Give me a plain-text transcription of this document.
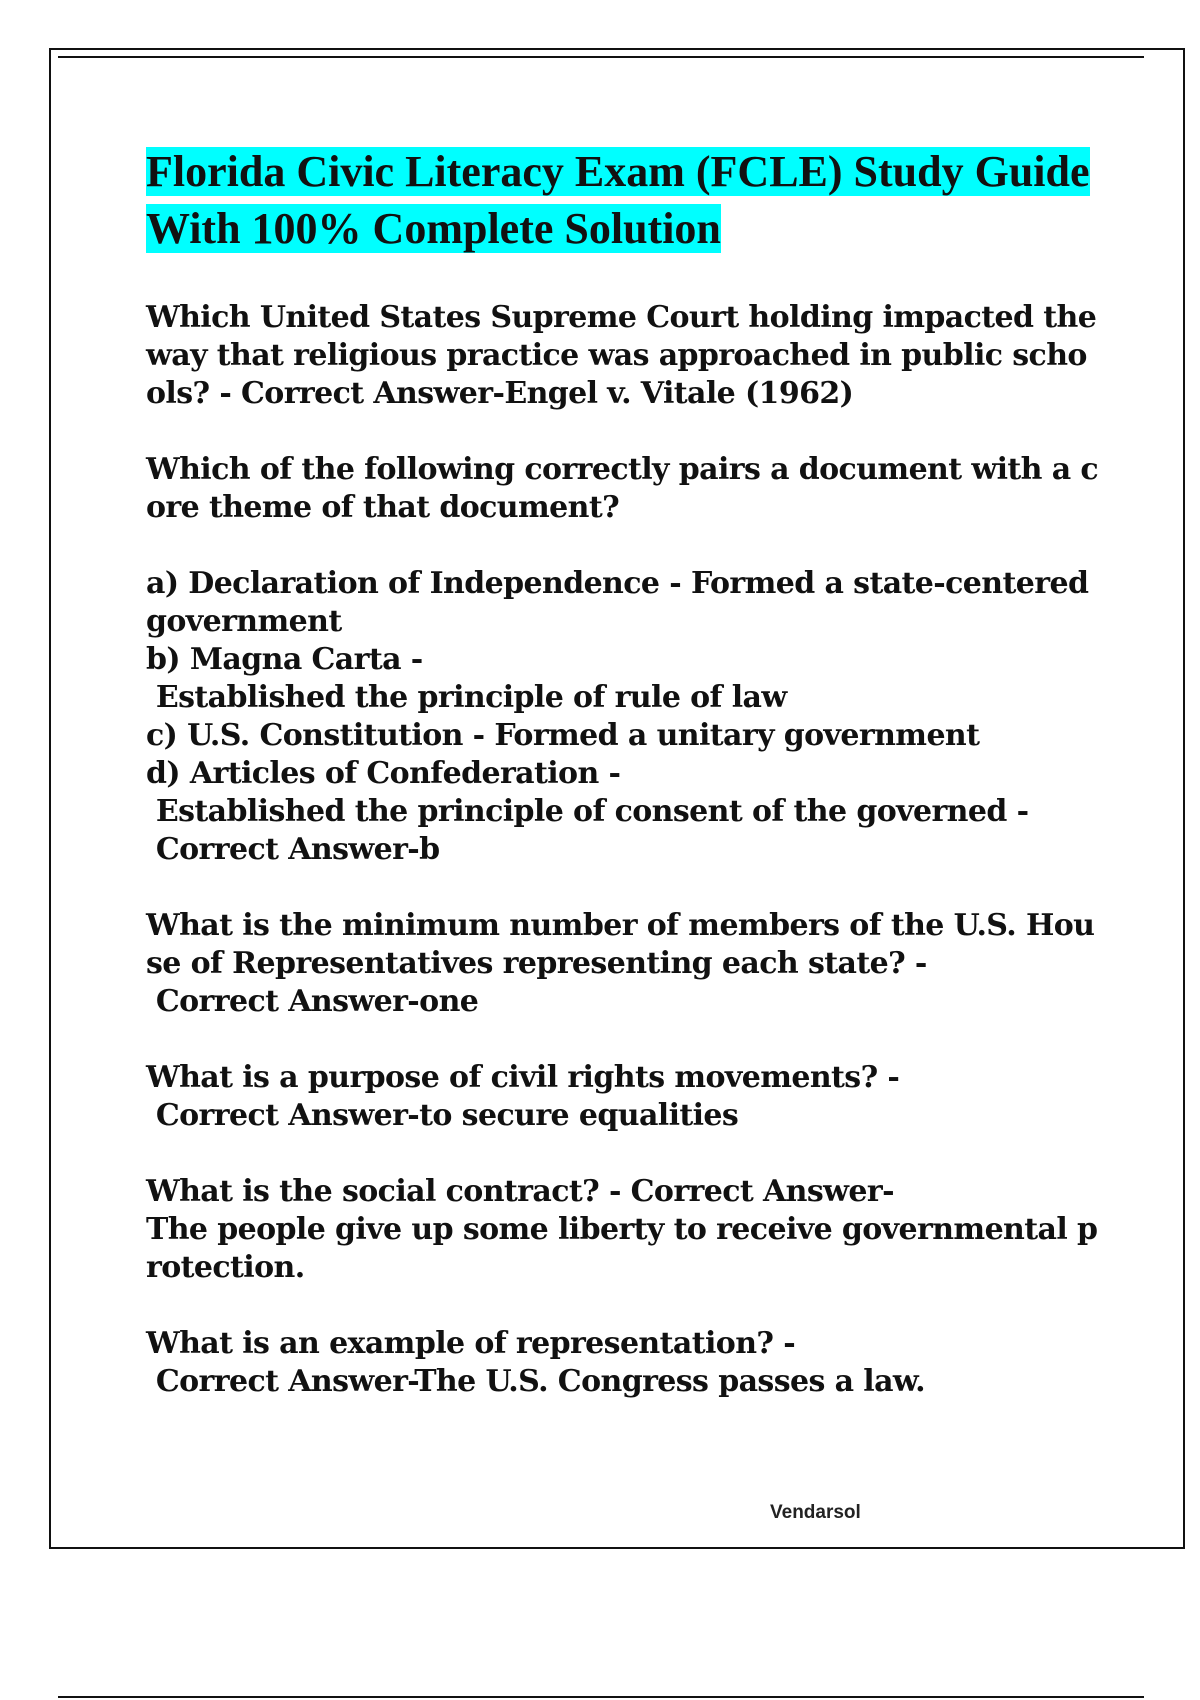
Florida Civic Literacy Exam (FCLE) Study Guide With 100% Complete Solution

Which United States Supreme Court holding impacted the way that religious practice was approached in public schools? - Correct Answer-Engel v. Vitale (1962)

Which of the following correctly pairs a document with a core theme of that document?

a) Declaration of Independence - Formed a state-centered government
b) Magna Carta -
Established the principle of rule of law
c) U.S. Constitution - Formed a unitary government
d) Articles of Confederation -
Established the principle of consent of the governed -
Correct Answer-b

What is the minimum number of members of the U.S. House of Representatives representing each state? -
Correct Answer-one

What is a purpose of civil rights movements? -
Correct Answer-to secure equalities

What is the social contract? - Correct Answer-
The people give up some liberty to receive governmental protection.

What is an example of representation? -
Correct Answer-The U.S. Congress passes a law.

Vendarsol
